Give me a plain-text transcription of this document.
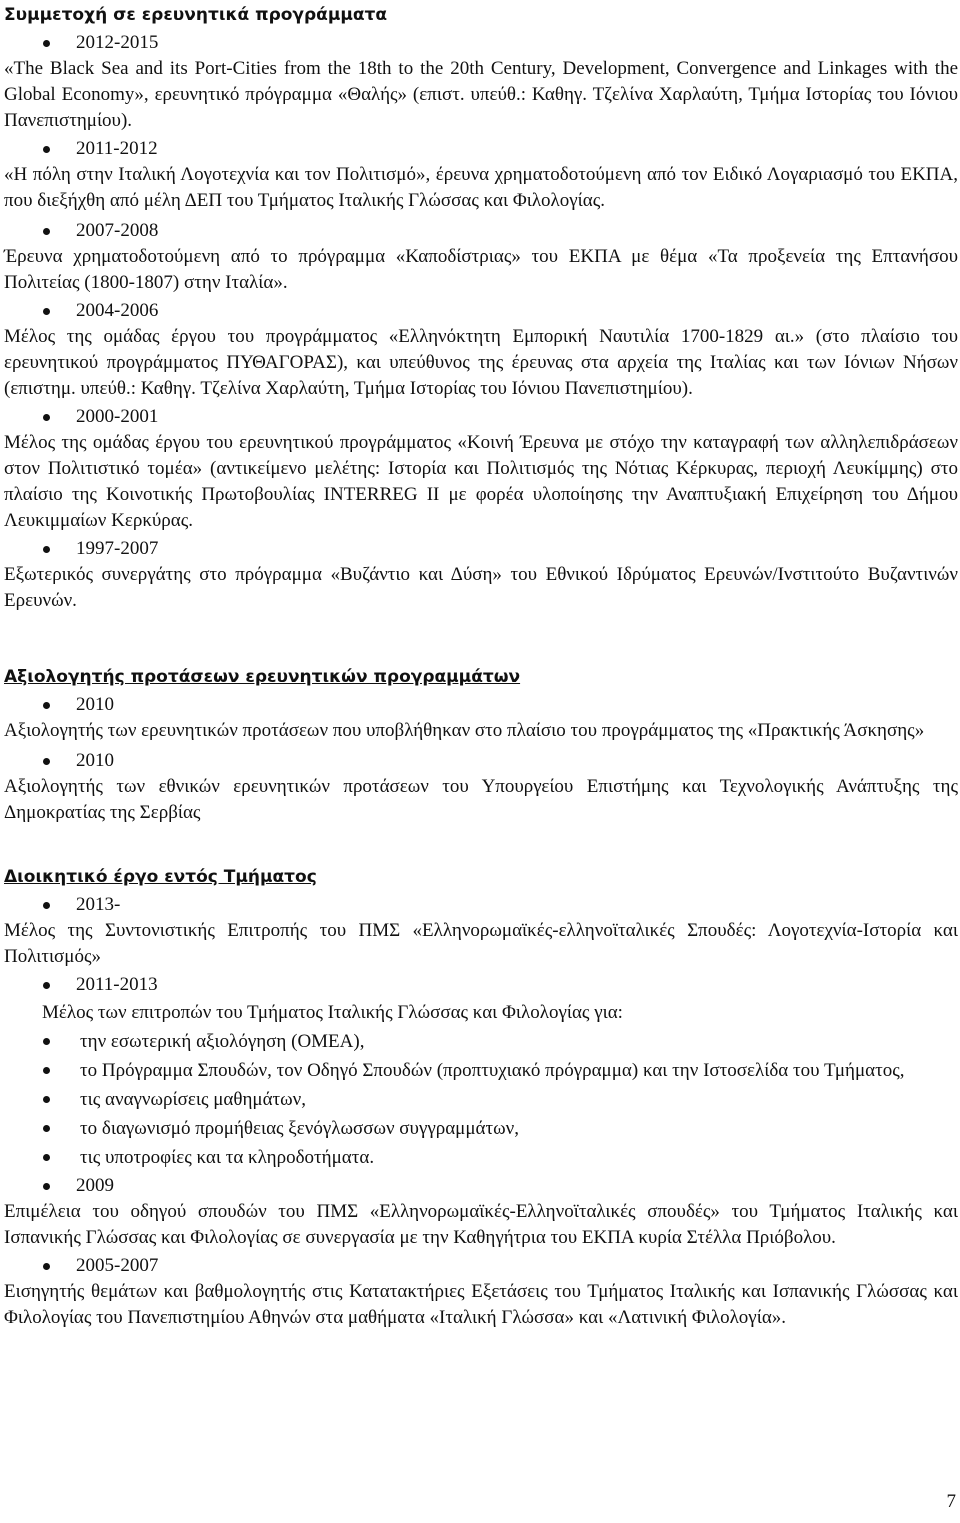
Συμμετοχή σε ερευνητικά προγράμματα

2012-2015

«The Black Sea and its Port-Cities from the 18th to the 20th Century, Development, Convergence and Linkages with the Global Economy», ερευνητικό πρόγραμμα «Θαλής» (επιστ. υπεύθ.: Καθηγ. Τζελίνα Χαρλαύτη, Τμήμα Ιστορίας του Ιόνιου Πανεπιστημίου).

2011-2012

«Η πόλη στην Ιταλική Λογοτεχνία και τον Πολιτισμό», έρευνα χρηματοδοτούμενη από τον Ειδικό Λογαριασμό του ΕΚΠΑ, που διεξήχθη από μέλη ΔΕΠ του Τμήματος Ιταλικής Γλώσσας και Φιλολογίας.

2007-2008

Έρευνα χρηματοδοτούμενη από το πρόγραμμα «Καποδίστριας» του ΕΚΠΑ με θέμα «Τα προξενεία της Επτανήσου Πολιτείας (1800-1807) στην Ιταλία».

2004-2006

Μέλος της ομάδας έργου του προγράμματος «Ελληνόκτητη Εμπορική Ναυτιλία 1700-1829 αι.» (στο πλαίσιο του ερευνητικού προγράμματος ΠΥΘΑΓΟΡΑΣ), και υπεύθυνος της έρευνας στα αρχεία της Ιταλίας και των Ιόνιων Νήσων (επιστημ. υπεύθ.: Καθηγ. Τζελίνα Χαρλαύτη, Τμήμα Ιστορίας του Ιόνιου Πανεπιστημίου).

2000-2001

Μέλος της ομάδας έργου του ερευνητικού προγράμματος «Κοινή Έρευνα με στόχο την καταγραφή των αλληλεπιδράσεων στον Πολιτιστικό τομέα» (αντικείμενο μελέτης: Ιστορία και Πολιτισμός της Νότιας Κέρκυρας, περιοχή Λευκίμμης) στο πλαίσιο της Κοινοτικής Πρωτοβουλίας INTERREG II με φορέα υλοποίησης την Αναπτυξιακή Επιχείρηση του Δήμου Λευκιμμαίων Κερκύρας.

1997-2007

Εξωτερικός συνεργάτης στο πρόγραμμα «Βυζάντιο και Δύση» του Εθνικού Ιδρύματος Ερευνών/Ινστιτούτο Βυζαντινών Ερευνών.

Αξιολογητής προτάσεων ερευνητικών προγραμμάτων

2010

Αξιολογητής των ερευνητικών προτάσεων που υποβλήθηκαν στο πλαίσιο του προγράμματος της «Πρακτικής Άσκησης»

2010

Αξιολογητής των εθνικών ερευνητικών προτάσεων του Υπουργείου Επιστήμης και Τεχνολογικής Ανάπτυξης της Δημοκρατίας της Σερβίας

Διοικητικό έργο εντός Τμήματος

2013-

Μέλος της Συντονιστικής Επιτροπής του ΠΜΣ «Ελληνορωμαϊκές-ελληνοϊταλικές Σπουδές: Λογοτεχνία-Ιστορία και Πολιτισμός»

2011-2013

Μέλος των επιτροπών του Τμήματος Ιταλικής Γλώσσας και Φιλολογίας για:

την εσωτερική αξιολόγηση (ΟΜΕΑ),
το Πρόγραμμα Σπουδών, τον Οδηγό Σπουδών (προπτυχιακό πρόγραμμα) και την Ιστοσελίδα του Τμήματος,
τις αναγνωρίσεις μαθημάτων,
το διαγωνισμό προμήθειας ξενόγλωσσων συγγραμμάτων,
τις υποτροφίες και τα κληροδοτήματα.

2009

Επιμέλεια του οδηγού σπουδών του ΠΜΣ «Ελληνορωμαϊκές-Ελληνοϊταλικές σπουδές» του Τμήματος Ιταλικής και Ισπανικής Γλώσσας και Φιλολογίας σε συνεργασία με την Καθηγήτρια του ΕΚΠΑ κυρία Στέλλα Πριόβολου.

2005-2007

Εισηγητής θεμάτων και βαθμολογητής στις Κατατακτήριες Εξετάσεις του Τμήματος Ιταλικής και Ισπανικής Γλώσσας και Φιλολογίας του Πανεπιστημίου Αθηνών στα μαθήματα «Ιταλική Γλώσσα» και «Λατινική Φιλολογία».

7
